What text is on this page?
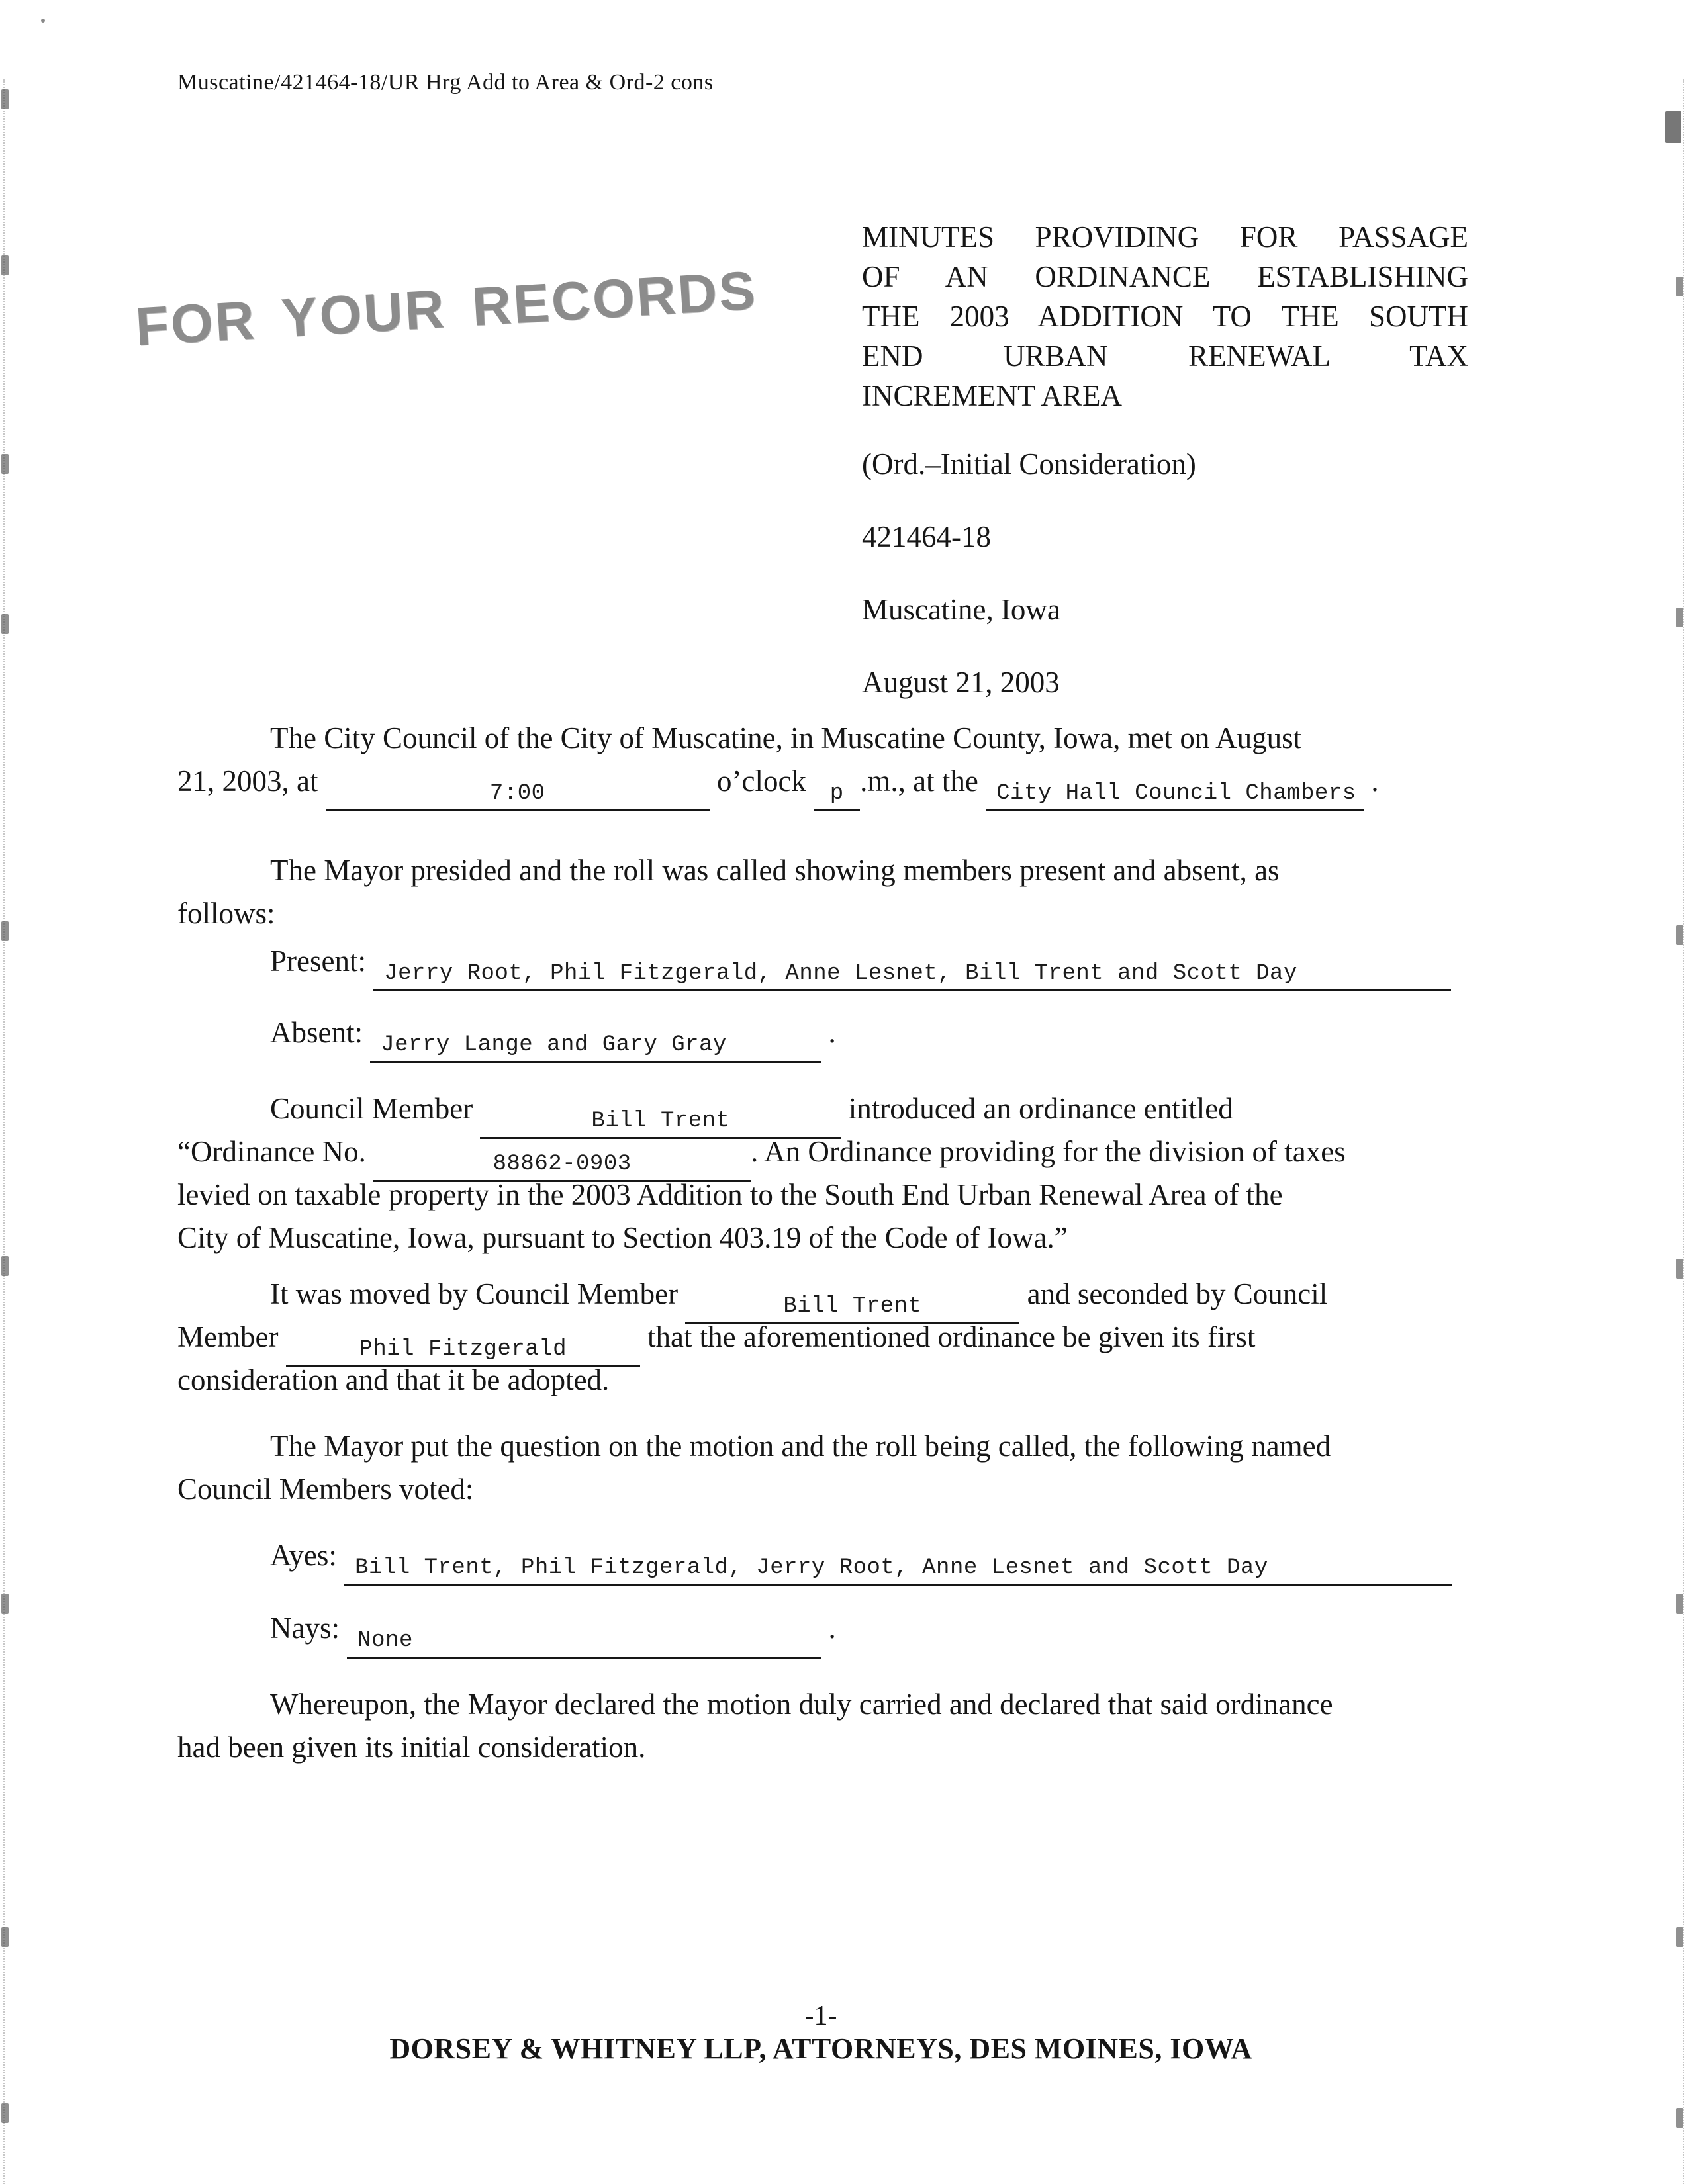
Muscatine/421464-18/UR Hrg Add to Area & Ord-2 cons
FOR YOUR RECORDS
MINUTES PROVIDING FOR PASSAGE
OF AN ORDINANCE ESTABLISHING
THE 2003 ADDITION TO THE SOUTH
END URBAN RENEWAL TAX
INCREMENT AREA
(Ord.–Initial Consideration)
421464-18
Muscatine, Iowa
August 21, 2003
The City Council of the City of Muscatine, in Muscatine County, Iowa, met on August
21, 2003, at	7:00	o’clock p .m., at the City Hall Council Chambers .
The Mayor presided and the roll was called showing members present and absent, as
follows:
Present: Jerry Root, Phil Fitzgerald, Anne Lesnet, Bill Trent and Scott Day
Absent: Jerry Lange and Gary Gray	.
Council Member	Bill Trent	introduced an ordinance entitled
“Ordinance No.	88862-0903	. An Ordinance providing for the division of taxes
levied on taxable property in the 2003 Addition to the South End Urban Renewal Area of the
City of Muscatine, Iowa, pursuant to Section 403.19 of the Code of Iowa.”
It was moved by Council Member	Bill Trent	and seconded by Council
Member	Phil Fitzgerald	that the aforementioned ordinance be given its first
consideration and that it be adopted.
The Mayor put the question on the motion and the roll being called, the following named
Council Members voted:
Ayes: Bill Trent, Phil Fitzgerald, Jerry Root, Anne Lesnet and Scott Day
Nays: None	.
Whereupon, the Mayor declared the motion duly carried and declared that said ordinance
had been given its initial consideration.
-1-
DORSEY & WHITNEY LLP, ATTORNEYS, DES MOINES, IOWA
